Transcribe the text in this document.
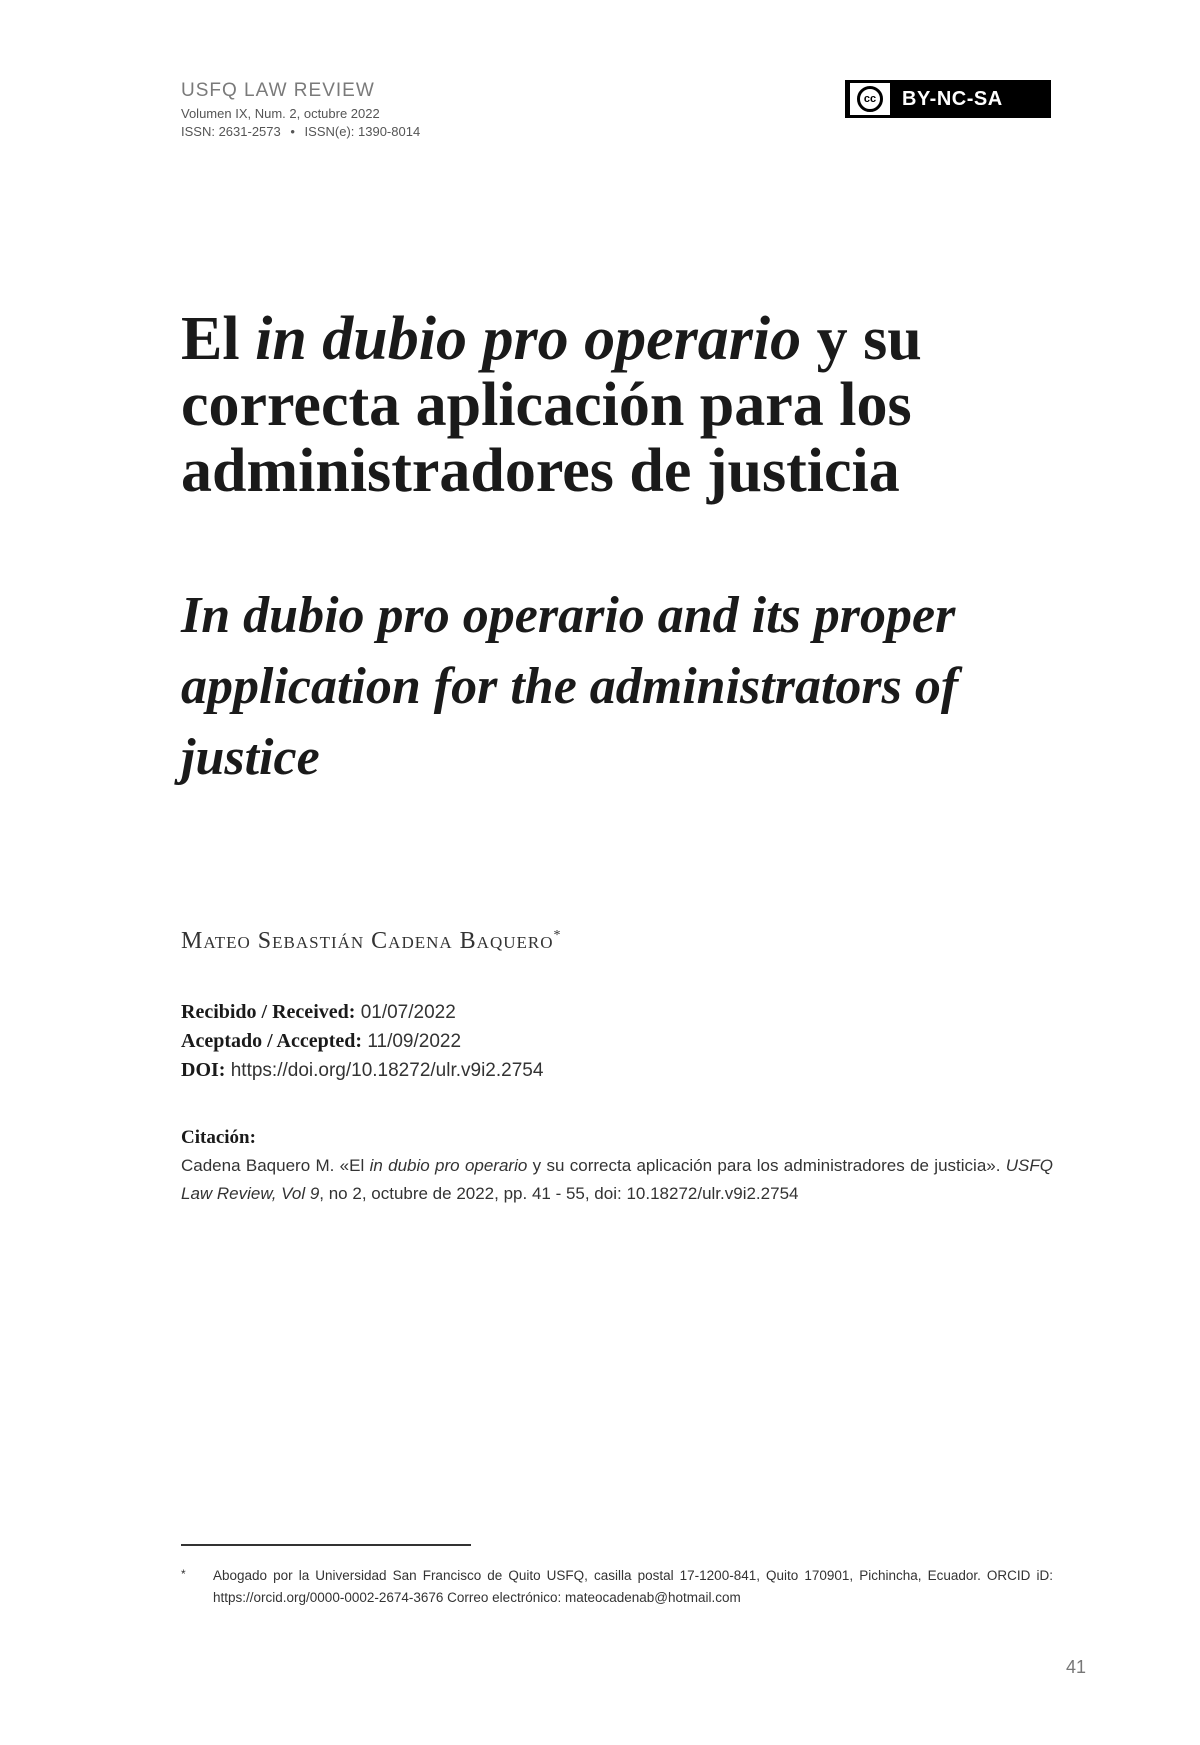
USFQ LAW REVIEW
Volumen IX, Num. 2, octubre 2022
ISSN: 2631-2573 • ISSN(e): 1390-8014
cc	BY-NC-SA
El in dubio pro operario y su correcta aplicación para los administradores de justicia
In dubio pro operario and its proper application for the administrators of justice
Mateo Sebastián Cadena Baquero*
Recibido / Received: 01/07/2022
Aceptado / Accepted: 11/09/2022
DOI: https://doi.org/10.18272/ulr.v9i2.2754
Citación:
Cadena Baquero M. «El in dubio pro operario y su correcta aplicación para los administradores de justicia». USFQ Law Review, Vol 9, no 2, octubre de 2022, pp. 41 - 55, doi: 10.18272/ulr.v9i2.2754
* Abogado por la Universidad San Francisco de Quito USFQ, casilla postal 17-1200-841, Quito 170901, Pichincha, Ecuador. ORCID iD: https://orcid.org/0000-0002-2674-3676 Correo electrónico: mateocadenab@hotmail.com
41
